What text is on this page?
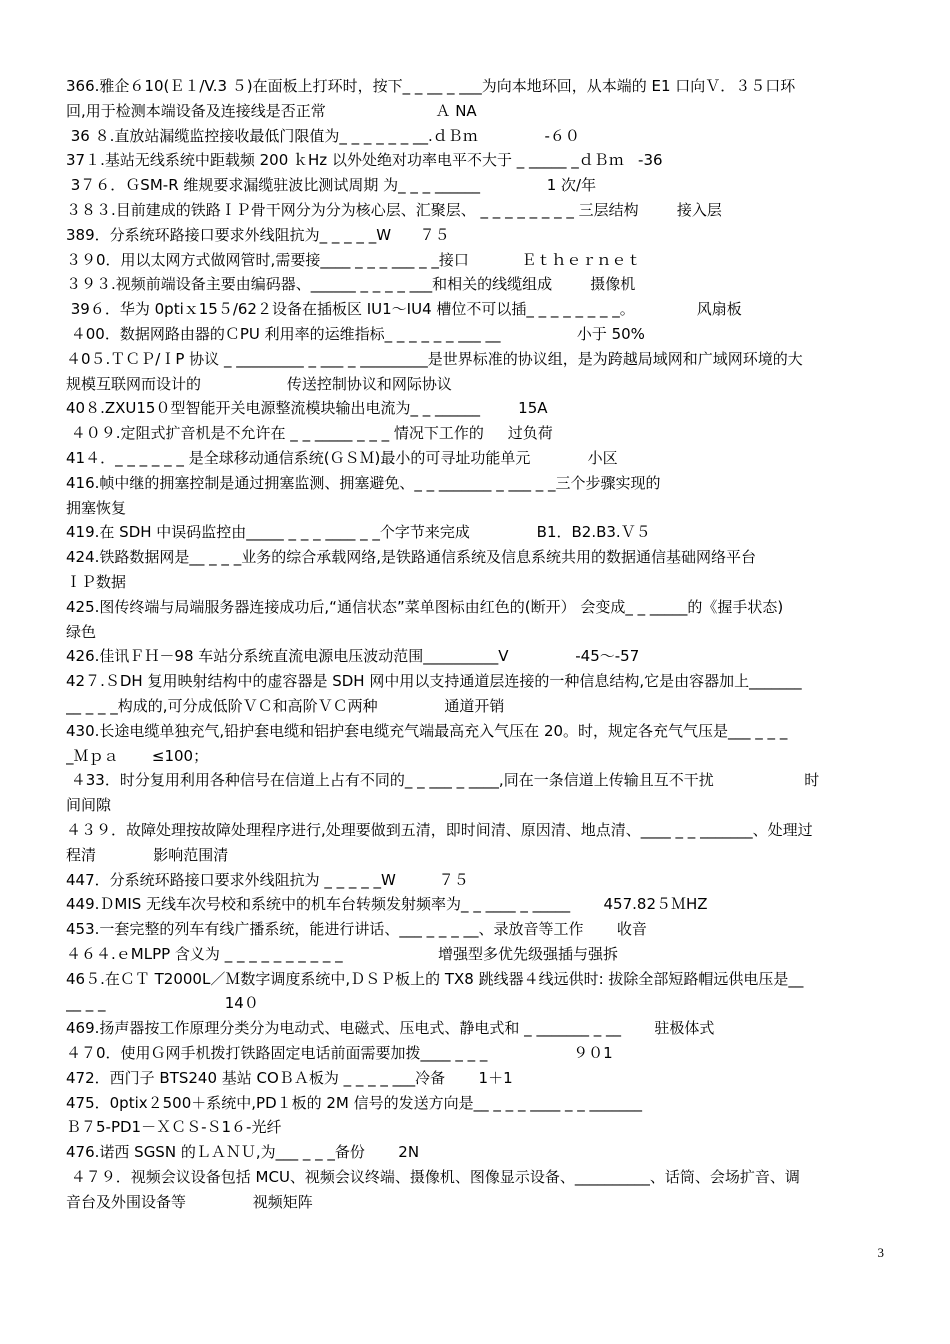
366.雅企６10(Ｅ１/V.3 ５)在面板上打环时，按下_ _ __ _ ___为向本地环回，从本端的 E1 口向Ｖ．３５口环
回,用于检测本端设备及连接线是否正常                       Ａ NA
36 ８.直放站漏缆监控接收最低门限值为_ _ _ _ _ _ __.ｄＢｍ              -６０
37１.基站无线系统中距载频 200 ｋHz 以外处绝对功率电平不大于 _ _____ _ｄＢｍ   -36
3７６．ＧSM-R 维规要求漏缆驻波比测试周期 为_ _ _ ______              1 次/年
３８３.目前建成的铁路ＩＰ骨干网分为分为核心层、汇聚层、 _ _ _ _ _ _ _ _ 三层结构        接入层
389．分系统环路接口要求外线阻抗为_ _ _ _ _W      ７５
３９0．用以太网方式做网管时,需要接____ _ _ _ ___ _ _接口           Ｅｔｈｅｒｎｅｔ
３９３.视频前端设备主要由编码器、______ _ _ _ _ ___和相关的线缆组成        摄像机
39６．华为 0ptiｘ15５/62２设备在插板区 IU1～IU4 槽位不可以插_ _ _ _ _ _ _ _。             风扇板
４00．数据网路由器的ＣPU 利用率的运维指标_ _ _ _ _ _ ___ __                小于 50%
４0５.ＴＣＰ/ＩP 协议 _ _________ _ ___ _ _________是世界标准的协议组，是为跨越局域网和广域网环境的大
规模互联网而设计的                  传送控制协议和网际协议
40８.ZXU15０型智能开关电源整流模块输出电流为_ _ ______        15A
４０９.定阻式扩音机是不允许在 _ _ _____ _ _ _ 情况下工作的     过负荷
41４．_ _ _ _ _ _ 是全球移动通信系统(ＧＳＭ)最小的可寻址功能单元            小区
416.帧中继的拥塞控制是通过拥塞监测、拥塞避免、_ _ _______ _ ___ _ _三个步骤实现的
拥塞恢复
419.在 SDH 中误码监控由_____ _ _ _ ____ _ _个字节来完成              B1．B2.B3.Ｖ５
424.铁路数据网是__ _ _ _业务的综合承载网络,是铁路通信系统及信息系统共用的数据通信基础网络平台
ＩＰ数据
425.图传终端与局端服务器连接成功后,“通信状态”菜单图标由红色的(断开） 会变成_ _ _____的《握手状态)
绿色
426.佳讯ＦＨ－98 车站分系统直流电源电压波动范围__________V              -45～-57
42７.ＳDH 复用映射结构中的虚容器是 SDH 网中用以支持通道层连接的一种信息结构,它是由容器加上_______
__ _ _ _构成的,可分成低阶ＶＣ和高阶ＶＣ两种              通道开销
430.长途电缆单独充气,铅护套电缆和铝护套电缆充气端最高充入气压在 20。时，规定各充气气压是___ _ _ _
_Ｍｐａ       ≤100；
４33．时分复用利用各种信号在信道上占有不同的_ _ ___ _ ____,同在一条信道上传输且互不干扰                   时
间间隙
４３９．故障处理按故障处理程序进行,处理要做到五清，即时间清、原因清、地点清、____ _ _ _______、处理过
程清            影响范围清
447．分系统环路接口要求外线阻抗为 _ _ _ _ _W         ７５
449.ＤMIS 无线车次号校和系统中的机车台转频发射频率为_ _ ____ _ _____       457.82５ＭHZ
453.一套完整的列车有线广播系统，能进行讲话、___ _ _ _ __、录放音等工作       收音
４６４.ｅMLPP 含义为 _ _ _ _ _ _ _ _ _ _                    增强型多优先级强插与强拆
46５.在ＣＴ T2000L／Ｍ数字调度系统中,ＤＳＰ板上的 TX8 跳线器４线远供时: 拔除全部短路帽远供电压是__
__ _ _                         14０
469.扬声器按工作原理分类分为电动式、电磁式、压电式、静电式和 _ _______ _ __       驻极体式
４７0．使用Ｇ网手机拨打铁路固定电话前面需要加拨____ _ _ _                  ９０1
472．西门子 BTS240 基站 COＢＡ板为 _ _ _ _ ___冷备       1＋1
475．0ptix２500＋系统中,PD１板的 2M 信号的发送方向是__ _ _ _ ____ _ _ _______
Ｂ７5-PD1－ＸＣＳ-Ｓ1６-光纤
476.诺西 SGSN 的ＬＡＮＵ,为___ _ _ _备份       2N
４７９．视频会议设备包括 MCU、视频会议终端、摄像机、图像显示设备、__________、话筒、会场扩音、调
音台及外围设备等              视频矩阵
3
